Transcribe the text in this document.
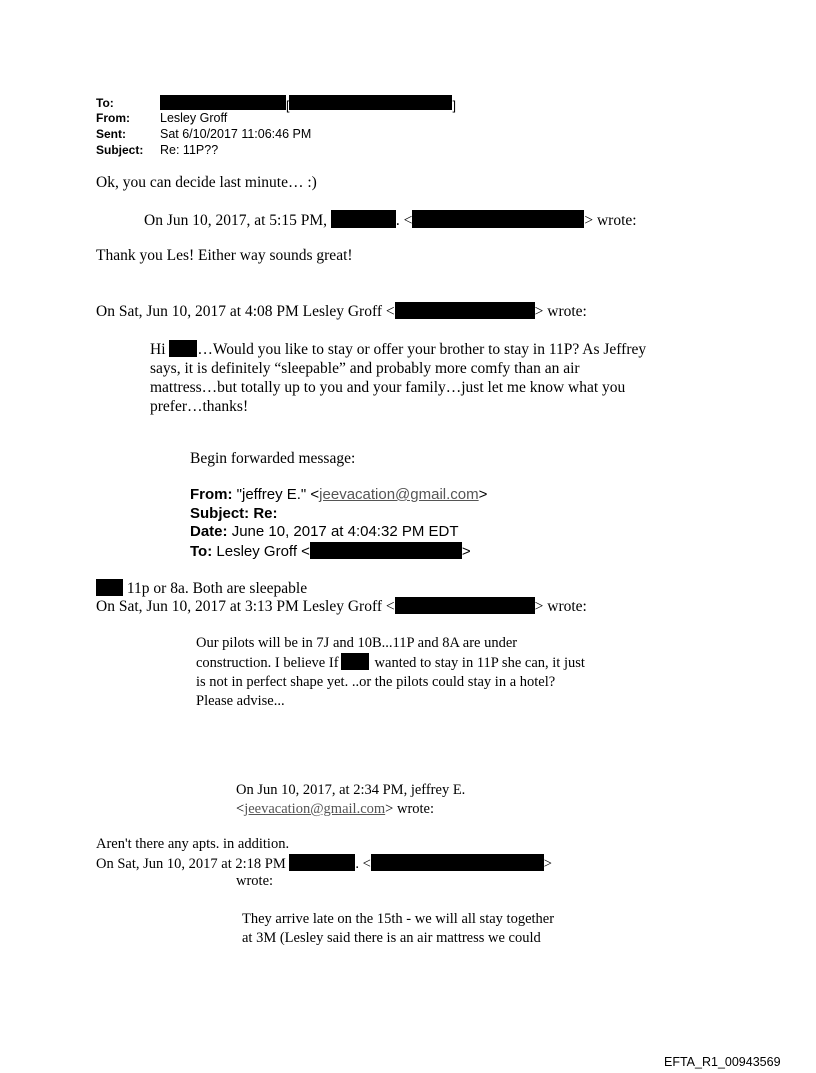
To:	[	]
From: Lesley Groff
Sent:	Sat 6/10/2017 11:06:46 PM
Subject: Re: 11P??
Ok, you can decide last minute… :)
On Jun 10, 2017, at 5:15 PM,	. <	> wrote:
Thank you Les! Either way sounds great!
On Sat, Jun 10, 2017 at 4:08 PM Lesley Groff <	> wrote:
Hi …Would you like to stay or offer your brother to stay in 11P? As Jeffrey
says, it is definitely “sleepable” and probably more comfy than an air
mattress…but totally up to you and your family…just let me know what you
prefer…thanks!
Begin forwarded message:
From: "jeffrey E." <jeevacation@gmail.com>
Subject: Re:
Date: June 10, 2017 at 4:04:32 PM EDT
To: Lesley Groff <	>
11p or 8a. Both are sleepable
On Sat, Jun 10, 2017 at 3:13 PM Lesley Groff <	> wrote:
Our pilots will be in 7J and 10B...11P and 8A are under
construction. I believe If wanted to stay in 11P she can, it just
is not in perfect shape yet. ..or the pilots could stay in a hotel?
Please advise...
On Jun 10, 2017, at 2:34 PM, jeffrey E.
<jeevacation@gmail.com> wrote:
Aren't there any apts. in addition.
On Sat, Jun 10, 2017 at 2:18 PM	. <	>
wrote:
They arrive late on the 15th - we will all stay together
at 3M (Lesley said there is an air mattress we could
EFTA_R1_00943569
